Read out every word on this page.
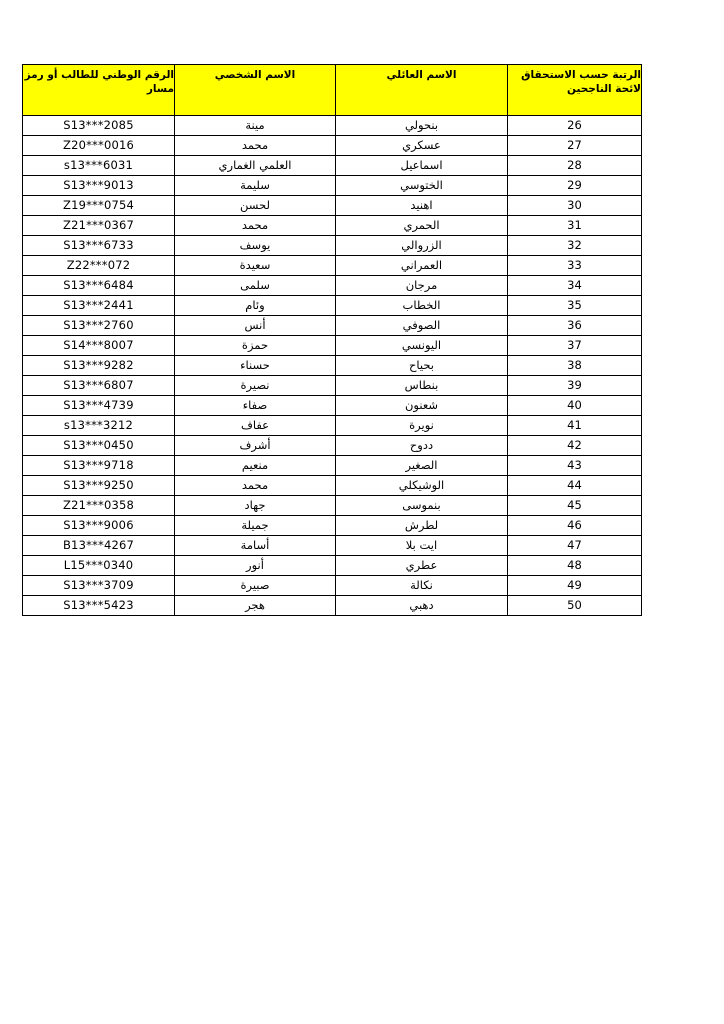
الرقم الوطني للطالب أو رمز مسار	الاسم الشخصي	الاسم العائلي	الرتبة حسب الاستحقاق لائحة الناجحين
S13***2085	مينة	بنحولي	26
Z20***0016	محمد	عسكري	27
s13***6031	العلمي الغماري	اسماعيل	28
S13***9013	سليمة	الختوسي	29
Z19***0754	لحسن	اهنيد	30
Z21***0367	محمد	الحمري	31
S13***6733	يوسف	الزروالي	32
Z22***072	سعيدة	العمراني	33
S13***6484	سلمى	مرجان	34
S13***2441	وئام	الخطاب	35
S13***2760	أنس	الصوفي	36
S14***8007	حمزة	اليونسي	37
S13***9282	حسناء	بحياح	38
S13***6807	نصيرة	بنطاس	39
S13***4739	صفاء	شعنون	40
s13***3212	عفاف	نويرة	41
S13***0450	أشرف	ددوح	42
S13***9718	منعيم	الصغير	43
S13***9250	محمد	الوشيكلي	44
Z21***0358	جهاد	بنموسى	45
S13***9006	جميلة	لطرش	46
B13***4267	أسامة	ايت بلا	47
L15***0340	أنور	عطري	48
S13***3709	صبيرة	نكالة	49
S13***5423	هجر	دهبي	50
